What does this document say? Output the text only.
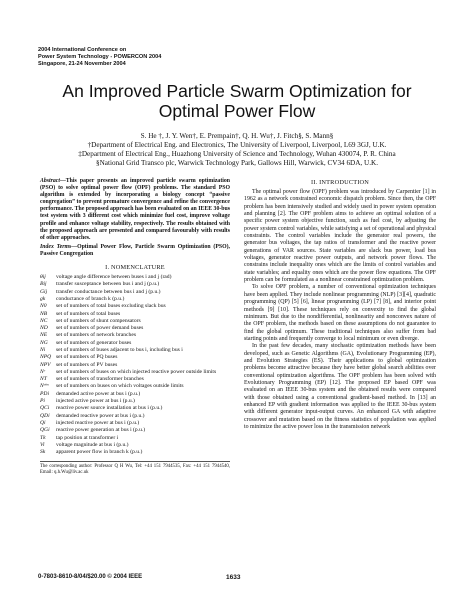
2004 International Conference on
Power System Technology - POWERCON 2004
Singapore, 21-24 November 2004
An Improved Particle Swarm Optimization for
Optimal Power Flow
S. He †, J. Y. Wen†, E. Prempain†, Q. H. Wu†, J. Fitch§, S. Mann§
†Department of Electrical Eng. and Electronics, The University of Liverpool, Liverpool, L69 3GJ, U.K.
‡Department of Electrical Eng., Huazhong University of Science and Technology, Wuhan 430074, P. R. China
§National Grid Transco plc, Warwick Technology Park, Gallows Hill, Warwick, CV34 6DA, U.K.
Abstract—This paper presents an improved particle swarm optimization (PSO) to solve optimal power flow (OPF) problems. The standard PSO algorithm is extended by incorporating a biology concept “passive congregation” to prevent premature convergence and refine the convergence performance. The proposed approach has been evaluated on an IEEE 30-bus test system with 3 different cost which minimize fuel cost, improve voltage profile and enhance voltage stability, respectively. The results obtained with the proposed approach are presented and compared favourably with results of other approaches.
Index Terms—Optimal Power Flow, Particle Swarm Optimization (PSO), Passive Congregation
I. NOMENCLATURE
θij	voltage angle difference between buses i and j (rad)
Bij	transfer susceptance between bus i and j (p.u.)
Gij	transfer conductance between bus i and j (p.u.)
gk	conductance of branch k (p.u.)
N0	set of numbers of total buses excluding slack bus
NB	set of numbers of total buses
NC	set of numbers of shunt compensators
ND	set of numbers of power demand buses
NE	set of numbers of network branches
NG	set of numbers of generator buses
Ni	set of numbers of buses adjacent to bus i, including bus i
NPQ set of numbers of PQ buses
NPV set of numbers of PV buses
Nʳ	set of numbers of buses on which injected reactive power outside limits
NT	set of numbers of transformer branches
Nᵛˡᵐ	set of numbers on buses on which voltages outside limits
PDi	demanded active power at bus i (p.u.)
Pi	injected active power at bus i (p.u.)
QCi	reactive power source installation at bus i (p.u.)
QDi	demanded reactive power at bus i (p.u.)
Qi	injected reactive power at bus i (p.u.)
QGi	reactive power generation at bus i (p.u.)
Tk	tap position at transformer i
Vi	voltage magnitude at bus i (p.u.)
Sk	apparent power flow in branch k (p.u.)
The corresponding author: Professor Q H Wu, Tel: +44 151 7944535, Fax: +44 151 7944540, Email: q.h.Wu@liv.ac.uk
II. INTRODUCTION

The optimal power flow (OPF) problem was introduced by Carpentier [1] in 1962 as a network constrained economic dispatch problem. Since then, the OPF problem has been intensively studied and widely used in power system operation and planning [2]. The OPF problem aims to achieve an optimal solution of a specific power system objective function, such as fuel cost, by adjusting the power system control variables, while satisfying a set of operational and physical constraints. The control variables include the generator real powers, the generator bus voltages, the tap ratios of transformer and the reactive power generations of VAR sources. State variables are slack bus power, load bus voltages, generator reactive power outputs, and network power flows. The constrains include inequality ones which are the limits of control variables and state variables; and equality ones which are the power flow equations. The OPF problem can be formulated as a nonlinear constrained optimization problem.

To solve OPF problem, a number of conventional optimization techniques have been applied. They include nonlinear programming (NLP) [3][4], quadratic programming (QP) [5] [6], linear programming (LP) [7] [8], and interior point methods [9] [10]. These techniques rely on convexity to find the global minimum. But due to the nondifferential, nonlinearity and nonconvex nature of the OPF problem, the methods based on these assumptions do not guarantee to find the global optimum. These traditional techniques also suffer from bad starting points and frequently converge to local minimum or even diverge.

In the past few decades, many stochastic optimization methods have been developed, such as Genetic Algorithms (GA), Evolutionary Programming (EP), and Evolution Strategies (ES). Their applications to global optimization problems become attractive because they have better global search abilities over conventional optimization algorithms. The OPF problem has been solved with Evolutionary Programming (EP) [12]. The proposed EP based OPF was evaluated on an IEEE 30-bus system and the obtained results were compared with those obtained using a conventional gradient-based method. In [13] an enhanced EP with gradient information was applied to the IEEE 30-bus system with different generator input-output curves. An enhanced GA with adaptive crossover and mutation based on the fitness statistics of population was applied to minimize the active power loss in the transmission network

0-7803-8610-8/04/$20.00 © 2004 IEEE	1633
